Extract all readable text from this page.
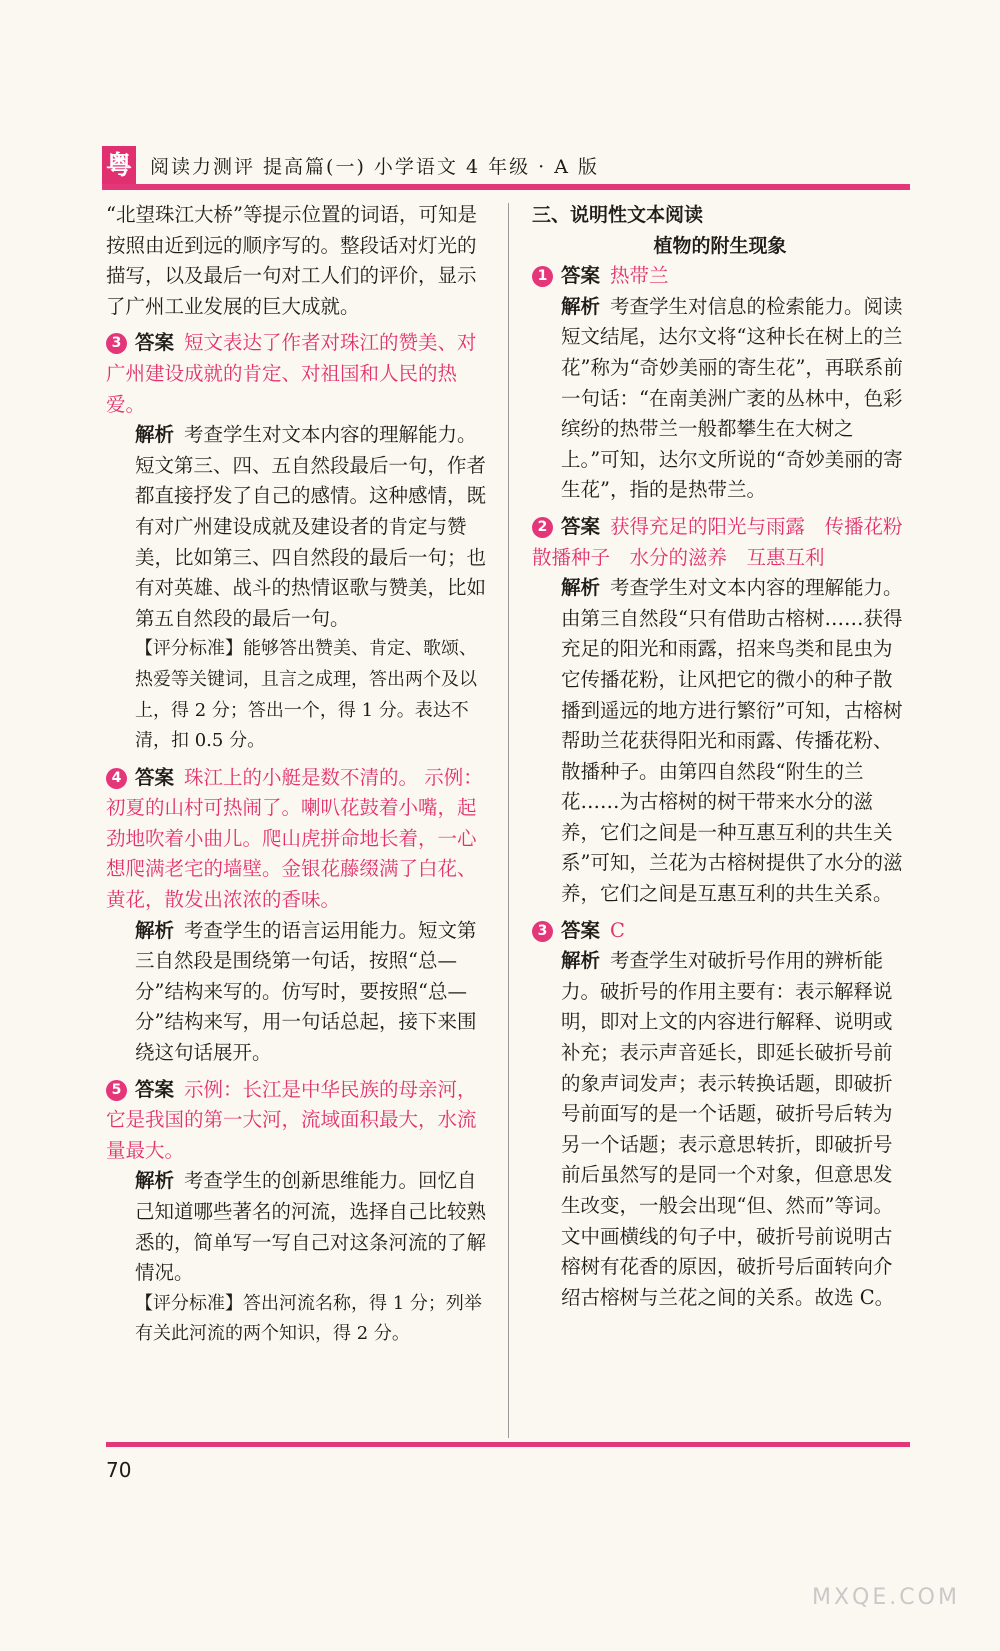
粤 阅读力测评 提高篇(一) 小学语文 4 年级 · A 版

“北望珠江大桥”等提示位置的词语，可知是按照由近到远的顺序写的。整段话对灯光的描写，以及最后一句对工人们的评价，显示了广州工业发展的巨大成就。

3 答案 短文表达了作者对珠江的赞美、对广州建设成就的肯定、对祖国和人民的热爱。

解析 考查学生对文本内容的理解能力。短文第三、四、五自然段最后一句，作者都直接抒发了自己的感情。这种感情，既有对广州建设成就及建设者的肯定与赞美，比如第三、四自然段的最后一句；也有对英雄、战斗的热情讴歌与赞美，比如第五自然段的最后一句。

【评分标准】能够答出赞美、肯定、歌颂、热爱等关键词，且言之成理，答出两个及以上，得 2 分；答出一个，得 1 分。表达不清，扣 0.5 分。

4 答案 珠江上的小艇是数不清的。 示例：初夏的山村可热闹了。喇叭花鼓着小嘴，起劲地吹着小曲儿。爬山虎拼命地长着，一心想爬满老宅的墙壁。金银花藤缀满了白花、黄花，散发出浓浓的香味。

解析 考查学生的语言运用能力。短文第三自然段是围绕第一句话，按照“总—分”结构来写的。仿写时，要按照“总—分”结构来写，用一句话总起，接下来围绕这句话展开。

5 答案 示例：长江是中华民族的母亲河，它是我国的第一大河，流域面积最大，水流量最大。

解析 考查学生的创新思维能力。回忆自己知道哪些著名的河流，选择自己比较熟悉的，简单写一写自己对这条河流的了解情况。

【评分标准】答出河流名称，得 1 分；列举有关此河流的两个知识，得 2 分。

三、说明性文本阅读

植物的附生现象

1 答案 热带兰

解析 考查学生对信息的检索能力。阅读短文结尾，达尔文将“这种长在树上的兰花”称为“奇妙美丽的寄生花”，再联系前一句话：“在南美洲广袤的丛林中，色彩缤纷的热带兰一般都攀生在大树之上。”可知，达尔文所说的“奇妙美丽的寄生花”，指的是热带兰。

2 答案 获得充足的阳光与雨露　传播花粉　散播种子　水分的滋养　互惠互利

解析 考查学生对文本内容的理解能力。由第三自然段“只有借助古榕树……获得充足的阳光和雨露，招来鸟类和昆虫为它传播花粉，让风把它的微小的种子散播到遥远的地方进行繁衍”可知，古榕树帮助兰花获得阳光和雨露、传播花粉、散播种子。由第四自然段“附生的兰花……为古榕树的树干带来水分的滋养，它们之间是一种互惠互利的共生关系”可知，兰花为古榕树提供了水分的滋养，它们之间是互惠互利的共生关系。

3 答案 C

解析 考查学生对破折号作用的辨析能力。破折号的作用主要有：表示解释说明，即对上文的内容进行解释、说明或补充；表示声音延长，即延长破折号前的象声词发声；表示转换话题，即破折号前面写的是一个话题，破折号后转为另一个话题；表示意思转折，即破折号前后虽然写的是同一个对象，但意思发生改变，一般会出现“但、然而”等词。文中画横线的句子中，破折号前说明古榕树有花香的原因，破折号后面转向介绍古榕树与兰花之间的关系。故选 C。

70
MXQE.COM
